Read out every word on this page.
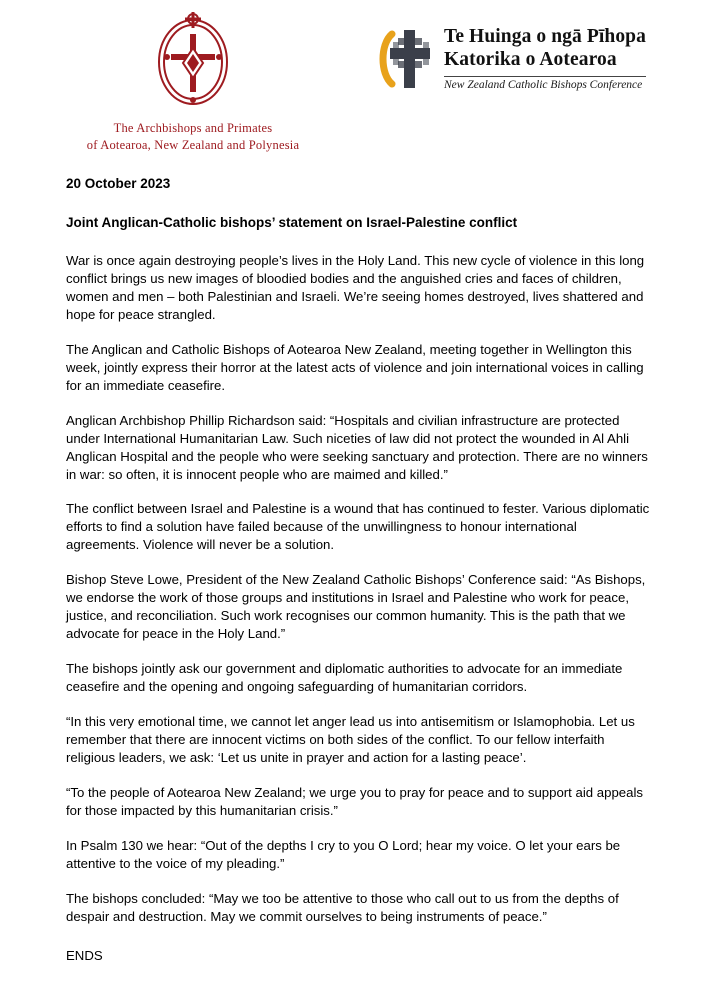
The Archbishops and Primates
of Aotearoa, New Zealand and Polynesia
Te Huinga o ngā Pīhopa
Katorika o Aotearoa
New Zealand Catholic Bishops Conference
20 October 2023
Joint Anglican-Catholic bishops’ statement on Israel-Palestine conflict

War is once again destroying people’s lives in the Holy Land. This new cycle of violence in this long conflict brings us new images of bloodied bodies and the anguished cries and faces of children, women and men – both Palestinian and Israeli. We’re seeing homes destroyed, lives shattered and hope for peace strangled.

The Anglican and Catholic Bishops of Aotearoa New Zealand, meeting together in Wellington this week, jointly express their horror at the latest acts of violence and join international voices in calling for an immediate ceasefire.

Anglican Archbishop Phillip Richardson said: “Hospitals and civilian infrastructure are protected under International Humanitarian Law. Such niceties of law did not protect the wounded in Al Ahli Anglican Hospital and the people who were seeking sanctuary and protection. There are no winners in war: so often, it is innocent people who are maimed and killed.”

The conflict between Israel and Palestine is a wound that has continued to fester. Various diplomatic efforts to find a solution have failed because of the unwillingness to honour international agreements. Violence will never be a solution.

Bishop Steve Lowe, President of the New Zealand Catholic Bishops’ Conference said: “As Bishops, we endorse the work of those groups and institutions in Israel and Palestine who work for peace, justice, and reconciliation. Such work recognises our common humanity. This is the path that we advocate for peace in the Holy Land.”

The bishops jointly ask our government and diplomatic authorities to advocate for an immediate ceasefire and the opening and ongoing safeguarding of humanitarian corridors.

“In this very emotional time, we cannot let anger lead us into antisemitism or Islamophobia. Let us remember that there are innocent victims on both sides of the conflict. To our fellow interfaith religious leaders, we ask: ‘Let us unite in prayer and action for a lasting peace’.

“To the people of Aotearoa New Zealand; we urge you to pray for peace and to support aid appeals for those impacted by this humanitarian crisis.”

In Psalm 130 we hear: “Out of the depths I cry to you O Lord; hear my voice. O let your ears be attentive to the voice of my pleading.”

The bishops concluded: “May we too be attentive to those who call out to us from the depths of despair and destruction. May we commit ourselves to being instruments of peace.”

ENDS
